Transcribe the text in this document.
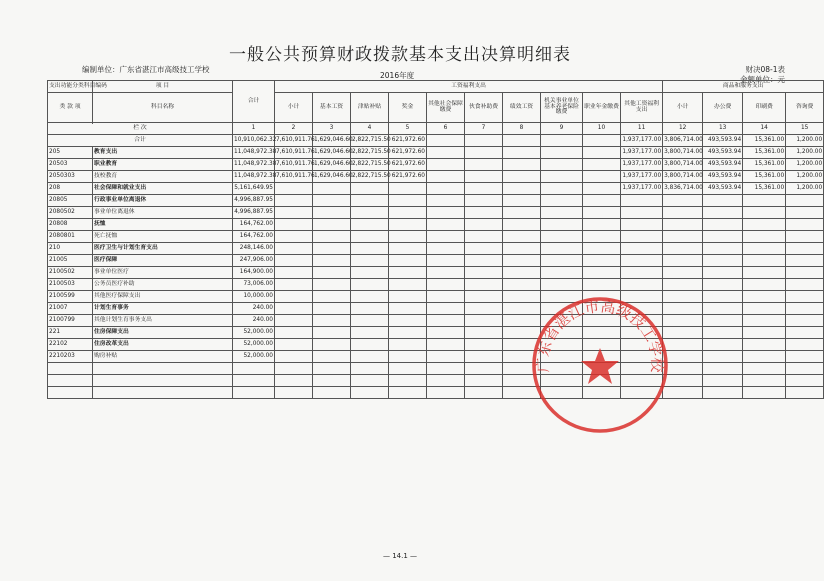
一般公共预算财政拨款基本支出决算明细表
编制单位：广东省湛江市高级技工学校	财决08-1表
2016年度	金额单位：元
支出功能分类科目编码	项 目	合计	工资福利支出										商品和服务支出			
类 款 项	科目名称		小计	基本工资	津贴补贴	奖金	其他社会保障缴费	伙食补助费	绩效工资	机关事业单位基本养老保险缴费	职业年金缴费	其他工资福利支出	小计	办公费	印刷费	咨询费

栏 次		1	2	3	4	5	6	7	8	9	10	11	12	13	14	15
合计		10,910,062.32	7,610,911.76	1,629,046.60	2,822,715.50	621,972.60						1,937,177.00	3,806,714.00	493,593.94	15,361.00	1,200.00
205	教育支出	11,048,972.38	7,610,911.76	1,629,046.60	2,822,715.50	621,972.60						1,937,177.00	3,800,714.00	493,593.94	15,361.00	1,200.00
20503	职业教育	11,048,972.38	7,610,911.76	1,629,046.60	2,822,715.50	621,972.60						1,937,177.00	3,800,714.00	493,593.94	15,361.00	1,200.00
2050303	技校教育	11,048,972.38	7,610,911.76	1,629,046.60	2,822,715.50	621,972.60						1,937,177.00	3,800,714.00	493,593.94	15,361.00	1,200.00
208	社会保障和就业支出	5,161,649.95										1,937,177.00	3,836,714.00	493,593.94	15,361.00	1,200.00
20805	行政事业单位离退休	4,996,887.95														
2080502	事业单位离退休	4,996,887.95														
20808	抚恤	164,762.00														
2080801	死亡抚恤	164,762.00														
210	医疗卫生与计划生育支出	248,146.00														
21005	医疗保障	247,906.00														
2100502	事业单位医疗	164,900.00														
2100503	公务员医疗补助	73,006.00														
2100599	其他医疗保障支出	10,000.00														
21007	计划生育事务	240.00														
2100799	其他计划生育事务支出	240.00														
221	住房保障支出	52,000.00														
22102	住房改革支出	52,000.00														
2210203	购房补贴	52,000.00														

广东省湛江市高级技工学校
— 14.1 —
